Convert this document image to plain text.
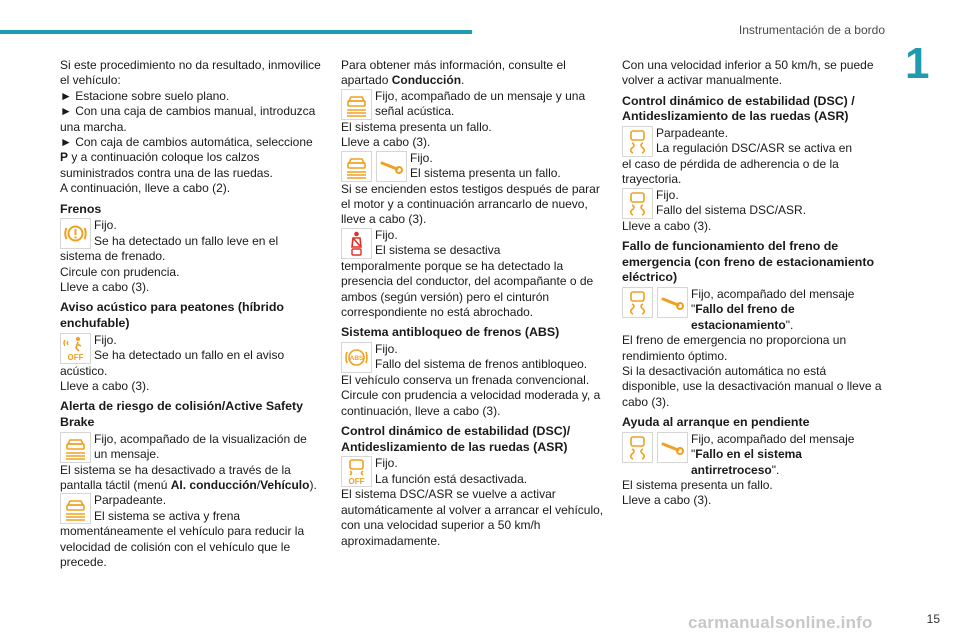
Instrumentación de a bordo
1

Si este procedimiento no da resultado, inmovilice el vehículo:

► Estacione sobre suelo plano.

► Con una caja de cambios manual, introduzca una marcha.

► Con caja de cambios automática, seleccione
P y a continuación coloque los calzos suministrados contra una de las ruedas.

A continuación, lleve a cabo (2).

Frenos

Fijo.

Se ha detectado un fallo leve en el

sistema de frenado.

Circule con prudencia.

Lleve a cabo (3).

Aviso acústico para peatones (híbrido enchufable)
OFF

Fijo.

Se ha detectado un fallo en el aviso

acústico.

Lleve a cabo (3).

Alerta de riesgo de colisión/Active Safety Brake

Fijo, acompañado de la visualización de un mensaje.

El sistema se ha desactivado a través de la pantalla táctil (menú AI. conducción/Vehículo).

Parpadeante.

El sistema se activa y frena

momentáneamente el vehículo para reducir la velocidad de colisión con el vehículo que le precede.

Para obtener más información, consulte el apartado Conducción.

Fijo, acompañado de un mensaje y una señal acústica.

El sistema presenta un fallo.

Lleve a cabo (3).

Fijo.

El sistema presenta un fallo.

Si se encienden estos testigos después de parar el motor y a continuación arrancarlo de nuevo, lleve a cabo (3).

Fijo.

El sistema se desactiva

temporalmente porque se ha detectado la presencia del conductor, del acompañante o de ambos (según versión) pero el cinturón correspondiente no está abrochado.

Sistema antibloqueo de frenos (ABS)
ABS

Fijo.

Fallo del sistema de frenos antibloqueo.

El vehículo conserva un frenada convencional. Circule con prudencia a velocidad moderada y, a continuación, lleve a cabo (3).

Control dinámico de estabilidad (DSC)/ Antideslizamiento de las ruedas (ASR)
OFF

Fijo.

La función está desactivada.

El sistema DSC/ASR se vuelve a activar automáticamente al volver a arrancar el vehículo, con una velocidad superior a 50 km/h aproximadamente.

Con una velocidad inferior a 50 km/h, se puede volver a activar manualmente.

Control dinámico de estabilidad (DSC) / Antideslizamiento de las ruedas (ASR)

Parpadeante.

La regulación DSC/ASR se activa en

el caso de pérdida de adherencia o de la trayectoria.

Fijo.

Fallo del sistema DSC/ASR.

Lleve a cabo (3).

Fallo de funcionamiento del freno de emergencia (con freno de estacionamiento eléctrico)

Fijo, acompañado del mensaje

"Fallo del freno de estacionamiento".

El freno de emergencia no proporciona un rendimiento óptimo.

Si la desactivación automática no está disponible, use la desactivación manual o lleve a cabo (3).

Ayuda al arranque en pendiente

Fijo, acompañado del mensaje

"Fallo en el sistema antirretroceso".

El sistema presenta un fallo.

Lleve a cabo (3).

carmanualsonline.info	15
